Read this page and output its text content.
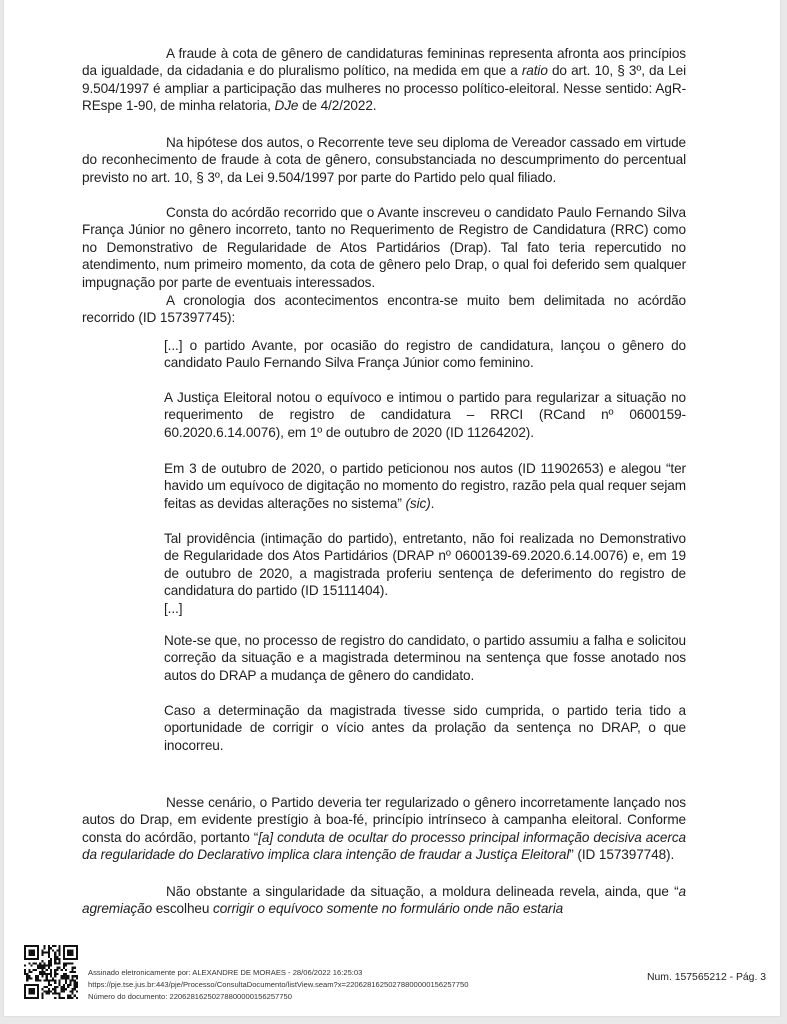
A fraude à cota de gênero de candidaturas femininas representa afronta aos princípios da igualdade, da cidadania e do pluralismo político, na medida em que a ratio do art. 10, § 3º, da Lei 9.504/1997 é ampliar a participação das mulheres no processo político-eleitoral. Nesse sentido: AgR-REspe 1-90, de minha relatoria, DJe de 4/2/2022.

Na hipótese dos autos, o Recorrente teve seu diploma de Vereador cassado em virtude do reconhecimento de fraude à cota de gênero, consubstanciada no descumprimento do percentual previsto no art. 10, § 3º, da Lei 9.504/1997 por parte do Partido pelo qual filiado.

Consta do acórdão recorrido que o Avante inscreveu o candidato Paulo Fernando Silva França Júnior no gênero incorreto, tanto no Requerimento de Registro de Candidatura (RRC) como no Demonstrativo de Regularidade de Atos Partidários (Drap). Tal fato teria repercutido no atendimento, num primeiro momento, da cota de gênero pelo Drap, o qual foi deferido sem qualquer impugnação por parte de eventuais interessados.

A cronologia dos acontecimentos encontra-se muito bem delimitada no acórdão recorrido (ID 157397745):

[...] o partido Avante, por ocasião do registro de candidatura, lançou o gênero do candidato Paulo Fernando Silva França Júnior como feminino.

A Justiça Eleitoral notou o equívoco e intimou o partido para regularizar a situação no requerimento de registro de candidatura – RRCI (RCand nº 0600159-60.2020.6.14.0076), em 1º de outubro de 2020 (ID 11264202).

Em 3 de outubro de 2020, o partido peticionou nos autos (ID 11902653) e alegou “ter havido um equívoco de digitação no momento do registro, razão pela qual requer sejam feitas as devidas alterações no sistema” (sic).

Tal providência (intimação do partido), entretanto, não foi realizada no Demonstrativo de Regularidade dos Atos Partidários (DRAP nº 0600139-69.2020.6.14.0076) e, em 19 de outubro de 2020, a magistrada proferiu sentença de deferimento do registro de candidatura do partido (ID 15111404).

[...]

Note-se que, no processo de registro do candidato, o partido assumiu a falha e solicitou correção da situação e a magistrada determinou na sentença que fosse anotado nos autos do DRAP a mudança de gênero do candidato.

Caso a determinação da magistrada tivesse sido cumprida, o partido teria tido a oportunidade de corrigir o vício antes da prolação da sentença no DRAP, o que inocorreu.

Nesse cenário, o Partido deveria ter regularizado o gênero incorretamente lançado nos autos do Drap, em evidente prestígio à boa-fé, princípio intrínseco à campanha eleitoral. Conforme consta do acórdão, portanto “[a] conduta de ocultar do processo principal informação decisiva acerca da regularidade do Declarativo implica clara intenção de fraudar a Justiça Eleitoral” (ID 157397748).

Não obstante a singularidade da situação, a moldura delineada revela, ainda, que “a agremiação escolheu corrigir o equívoco somente no formulário onde não estaria

Assinado eletronicamente por: ALEXANDRE DE MORAES - 28/06/2022 16:25:03
https://pje.tse.jus.br:443/pje/Processo/ConsultaDocumento/listView.seam?x=22062816250278800000156257750
Número do documento: 22062816250278800000156257750
Num. 157565212 - Pág. 3
